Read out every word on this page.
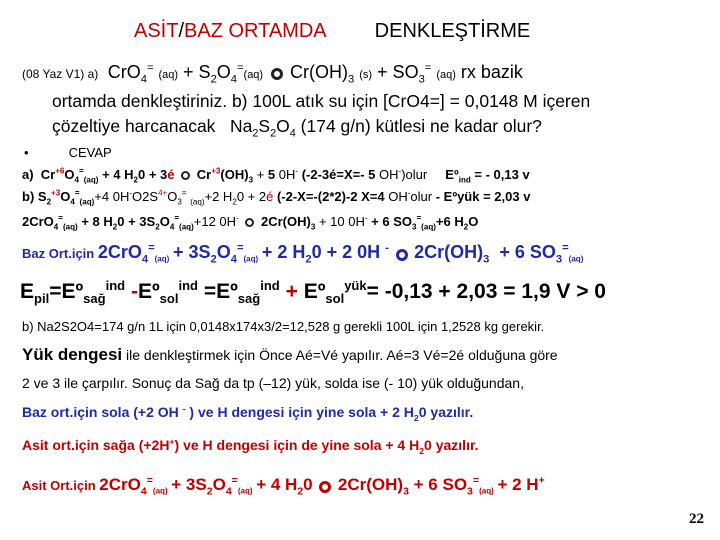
ASİT/BAZ ORTAMDA DENKLEŞTİRME
(08 Yaz V1) a)  CrO$_4$= $(aq) + S_2O_4^=(aq)$ $Cr(OH)_3$ $(s) + SO_3^=$ (aq) rx bazik
ortamda denkleştiriniz. b) 100L atık su için [CrO4=] = 0,0148 M içeren
çözeltiye harcanacak   $Na_2S_2O_4$ (174 g/n) kütlesi ne kadar olur?
•	CEVAP
a)  $Cr^{+6}O_4^=_{(aq)} + 4$ $H_20$ + 3é $Cr^{+3}(OH)_3 + 5$ 0H- (-2-3é=X=- 5 OH-)olur     Eº$_{ind}$ = - 0,13 v
b) $S_2^{+3}O_4^=_{(aq)}+4$ $0H^-O2S^{4+}O_3^=$ $_{(aq)}$+2 $H_20$ + 2é (-2-X=-(2*2)-2 X=4 OH-olur - Eºyük = 2,03 v
2CrO$_4$=$_{(aq)}$ + 8 $H_20 + 3S_2O_4^=_{(aq)}+12$ 0H- $2Cr(OH)_3 + 10$ 0H- + 6 $SO_3^=_{(aq)}+6$ $H_2O$
Baz Ort.için $2CrO_4^=_{(aq)} + 3S_2O_4^=_{(aq)} + 2$ $H_20 + 2$ 0H - $2Cr(OH)_3 + 6$ $SO_3^=_{(aq)}$
$E_{pil}=Eº_{sağ}^{ind}$ -Eº$_{sol}^{ind}$ =Eº$_{sağ}^{ind}$ + Eº$_{sol}^{yük}$= -0,13 + 2,03 = 1,9 V > 0
b) Na2S2O4=174 g/n 1L için 0,0148x174x3/2=12,528 g gerekli 100L için 1,2528 kg gerekir.
Yük dengesi ile denkleştirmek için Önce Aé=Vé yapılır. Aé=3 Vé=2é olduğuna göre
2 ve 3 ile çarpılır. Sonuç da Sağ da tp (–12) yük, solda ise (- 10) yük olduğundan,
Baz ort.için sola (+2 OH - ) ve H dengesi için yine sola + 2 $H_20$ yazılır.
Asit ort.için sağa (+2H+) ve H dengesi için de yine sola + 4 $H_20$ yazılır.
Asit Ort.için $2CrO_4^=_{(aq)} + 3S_2O_4^=_{(aq)} + 4$ $H_20$ $2Cr(OH)_3 + 6$ $SO_3^=_{(aq)} + 2$ H+
22
